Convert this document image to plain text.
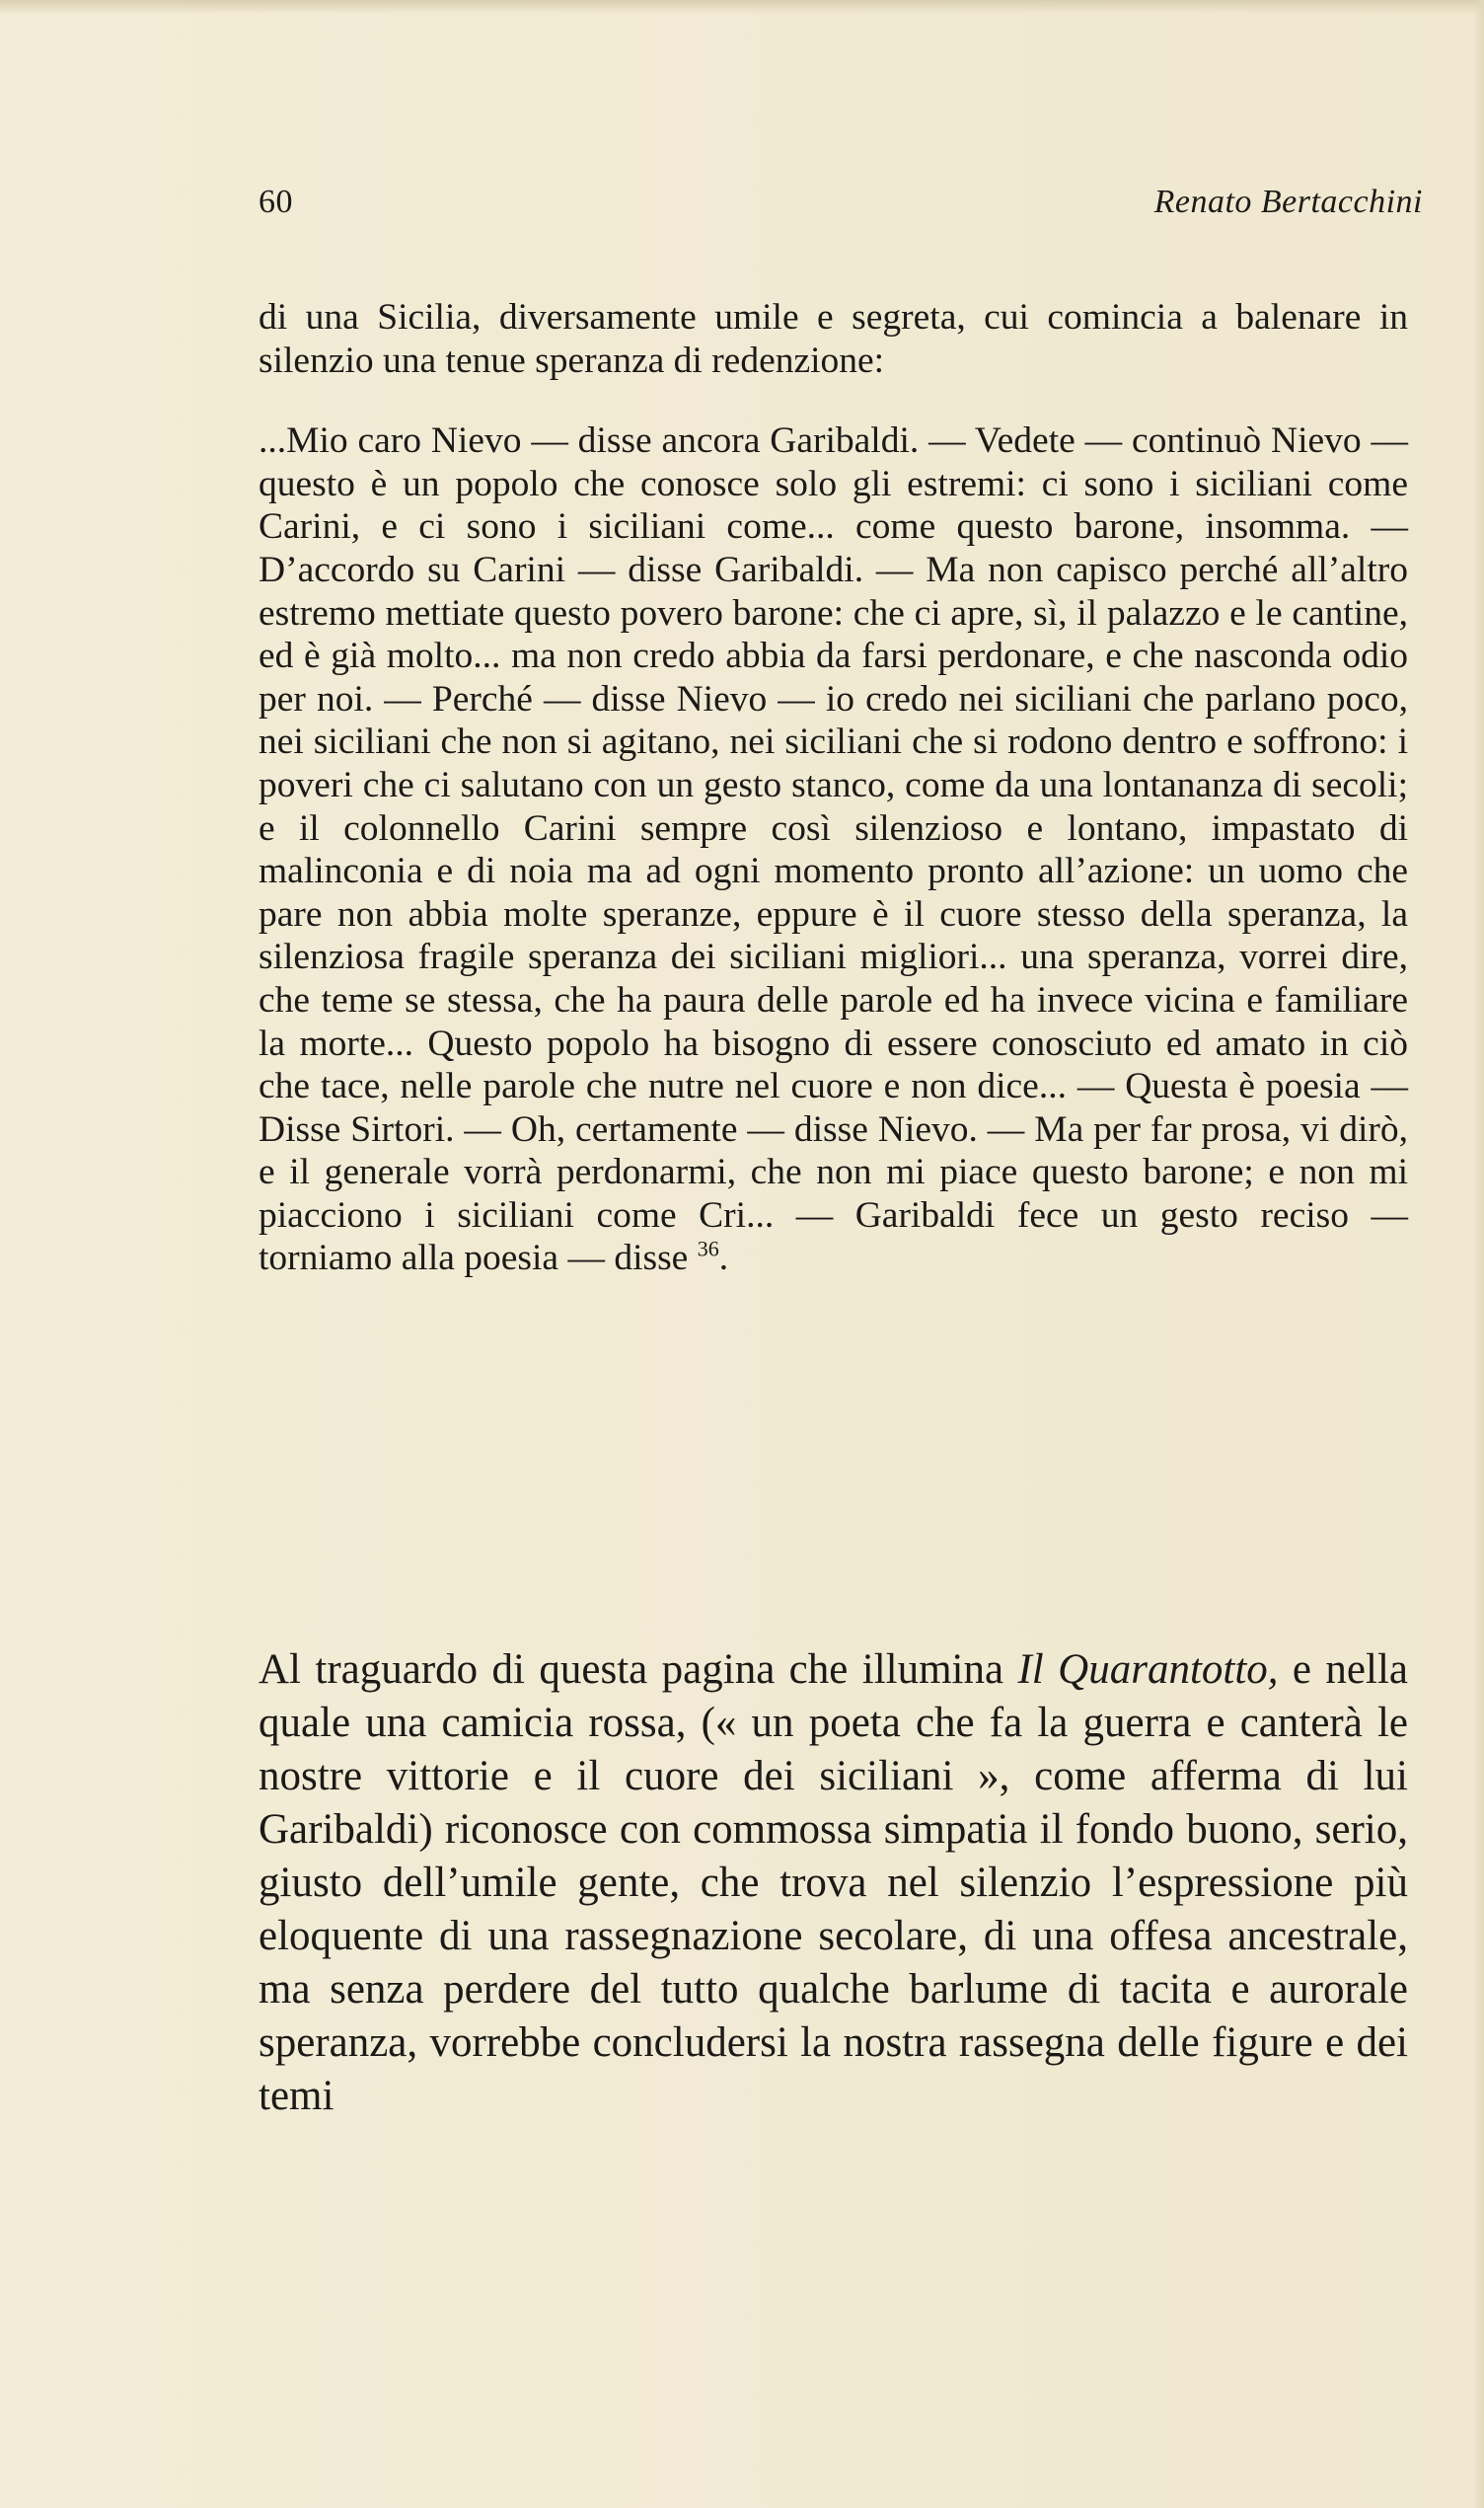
60	Renato Bertacchini

di una Sicilia, diversamente umile e segreta, cui comincia a balenare in silenzio una tenue speranza di redenzione:

...Mio caro Nievo — disse ancora Garibaldi. — Vedete — continuò Nievo — questo è un popolo che conosce solo gli estremi: ci sono i siciliani come Carini, e ci sono i siciliani come... come questo barone, insomma. — D’accordo su Carini — disse Garibaldi. — Ma non capisco perché all’altro estremo mettiate questo povero barone: che ci apre, sì, il palazzo e le cantine, ed è già molto... ma non credo abbia da farsi perdonare, e che nasconda odio per noi. — Perché — disse Nievo — io credo nei siciliani che parlano poco, nei siciliani che non si agitano, nei siciliani che si rodono dentro e soffrono: i poveri che ci salutano con un gesto stanco, come da una lontananza di secoli; e il colonnello Carini sempre così silenzioso e lontano, impastato di malinconia e di noia ma ad ogni momento pronto all’azione: un uomo che pare non abbia molte speranze, eppure è il cuore stesso della speranza, la silenziosa fragile speranza dei siciliani migliori... una speranza, vorrei dire, che teme se stessa, che ha paura delle parole ed ha invece vicina e familiare la morte... Questo popolo ha bisogno di essere conosciuto ed amato in ciò che tace, nelle parole che nutre nel cuore e non dice... — Questa è poesia — Disse Sirtori. — Oh, certamente — disse Nievo. — Ma per far prosa, vi dirò, e il generale vorrà perdonarmi, che non mi piace questo barone; e non mi piacciono i siciliani come Cri... — Garibaldi fece un gesto reciso — torniamo alla poesia — disse $^{36}$.

Al traguardo di questa pagina che illumina Il Quarantotto, e nella quale una camicia rossa, (« un poeta che fa la guerra e canterà le nostre vittorie e il cuore dei siciliani », come afferma di lui Garibaldi) riconosce con commossa simpatia il fondo buono, serio, giusto dell’umile gente, che trova nel silenzio l’espressione più eloquente di una rassegnazione secolare, di una offesa ancestrale, ma senza perdere del tutto qualche barlume di tacita e aurorale speranza, vorrebbe concludersi la nostra rassegna delle figure e dei temi
